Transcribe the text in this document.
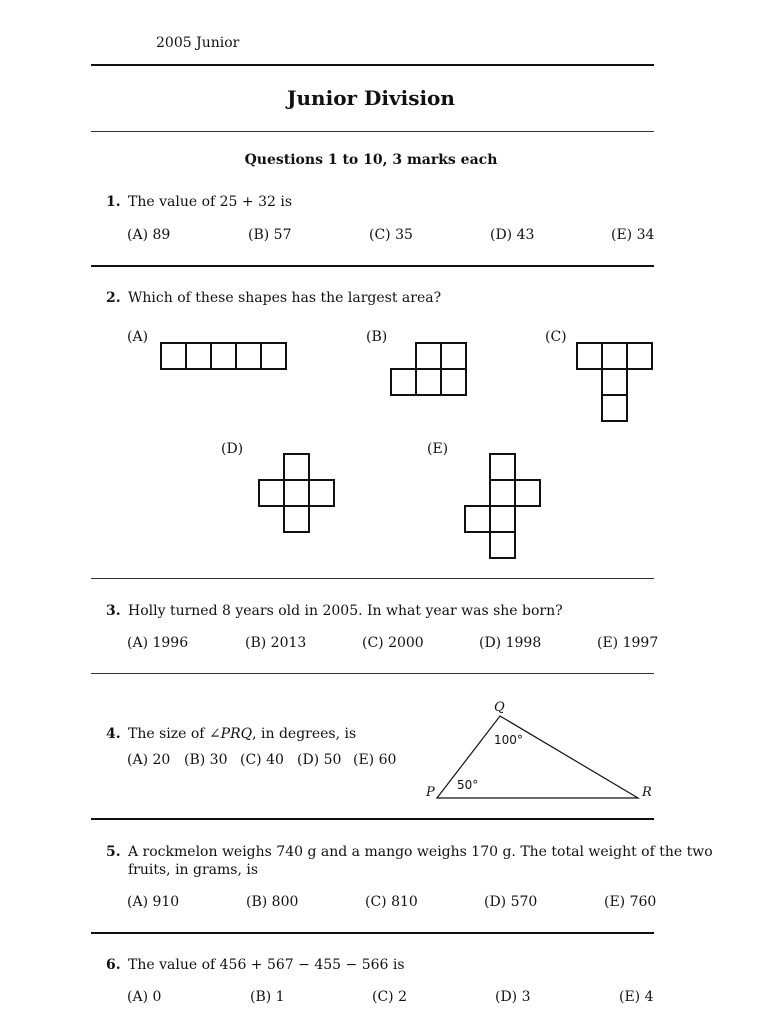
2005 Junior
Junior Division
Questions 1 to 10, 3 marks each
1. The value of 25 + 32 is
(A) 89	(B) 57	(C) 35	(D) 43	(E) 34
2. Which of these shapes has the largest area?
(A)	(B)	(C)
(D)	(E)
3. Holly turned 8 years old in 2005. In what year was she born?
(A) 1996	(B) 2013	(C) 2000	(D) 1998	(E) 1997
4. The size of ∠PRQ, in degrees, is
(A) 20 (B) 30 (C) 40 (D) 50 (E) 60
Q
P	R
100°
50°
5. A rockmelon weighs 740 g and a mango weighs 170 g. The total weight of the two
fruits, in grams, is
(A) 910	(B) 800	(C) 810	(D) 570	(E) 760
6. The value of 456 + 567 − 455 − 566 is
(A) 0	(B) 1	(C) 2	(D) 3	(E) 4
